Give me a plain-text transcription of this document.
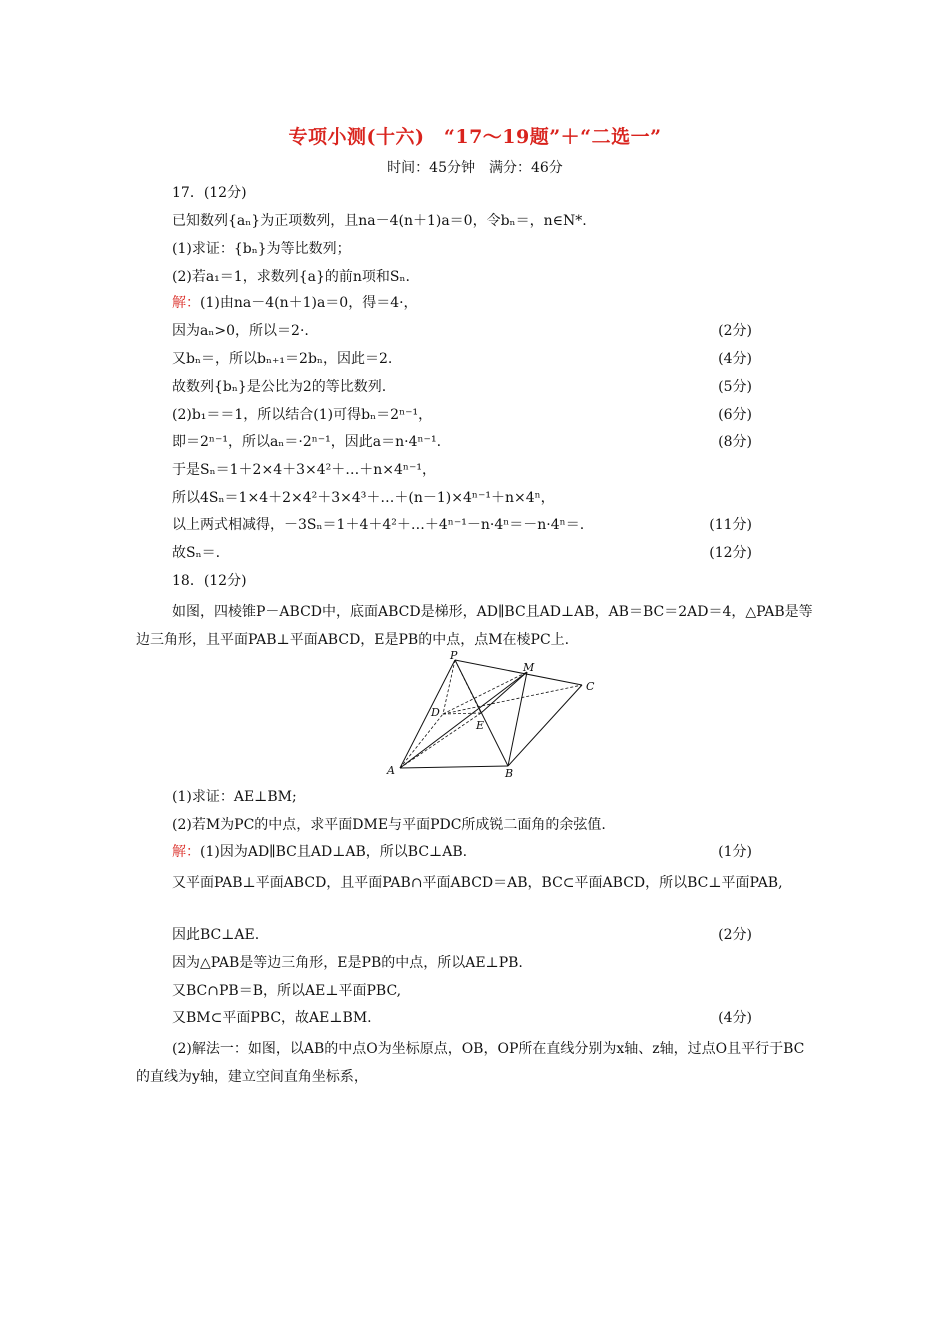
专项小测(十六)　“17～19题”＋“二选一”
时间：45分钟　满分：46分
17．(12分)
已知数列{aₙ}为正项数列，且na－4(n＋1)a＝0，令bₙ＝，n∈N*.
(1)求证：{bₙ}为等比数列；
(2)若a₁＝1，求数列{a}的前n项和Sₙ.
解：(1)由na－4(n＋1)a＝0，得＝4·，
因为aₙ>0，所以＝2·.	(2分)
又bₙ＝，所以bₙ₊₁＝2bₙ，因此＝2.	(4分)
故数列{bₙ}是公比为2的等比数列.	(5分)
(2)b₁＝＝1，所以结合(1)可得bₙ＝2ⁿ⁻¹，	(6分)
即＝2ⁿ⁻¹，所以aₙ＝·2ⁿ⁻¹，因此a＝n·4ⁿ⁻¹.	(8分)
于是Sₙ＝1＋2×4＋3×4²＋…＋n×4ⁿ⁻¹，
所以4Sₙ＝1×4＋2×4²＋3×4³＋…＋(n－1)×4ⁿ⁻¹＋n×4ⁿ，
以上两式相减得，－3Sₙ＝1＋4＋4²＋…＋4ⁿ⁻¹－n·4ⁿ＝－n·4ⁿ＝.	(11分)
故Sₙ＝.	(12分)
18．(12分)
如图，四棱锥P－ABCD中，底面ABCD是梯形，AD∥BC且AD⊥AB，AB＝BC＝2AD＝4，△PAB是等边三角形，且平面PAB⊥平面ABCD，E是PB的中点，点M在棱PC上.
P
M
C
D
E
A	B
(1)求证：AE⊥BM;
(2)若M为PC的中点，求平面DME与平面PDC所成锐二面角的余弦值.
解：(1)因为AD∥BC且AD⊥AB，所以BC⊥AB.	(1分)
又平面PAB⊥平面ABCD，且平面PAB∩平面ABCD＝AB，BC⊂平面ABCD，所以BC⊥平面PAB,
因此BC⊥AE.	(2分)
因为△PAB是等边三角形，E是PB的中点，所以AE⊥PB.
又BC∩PB＝B，所以AE⊥平面PBC,
又BM⊂平面PBC，故AE⊥BM.	(4分)
(2)解法一：如图，以AB的中点O为坐标原点，OB，OP所在直线分别为x轴、z轴，过点O且平行于BC的直线为y轴，建立空间直角坐标系，
